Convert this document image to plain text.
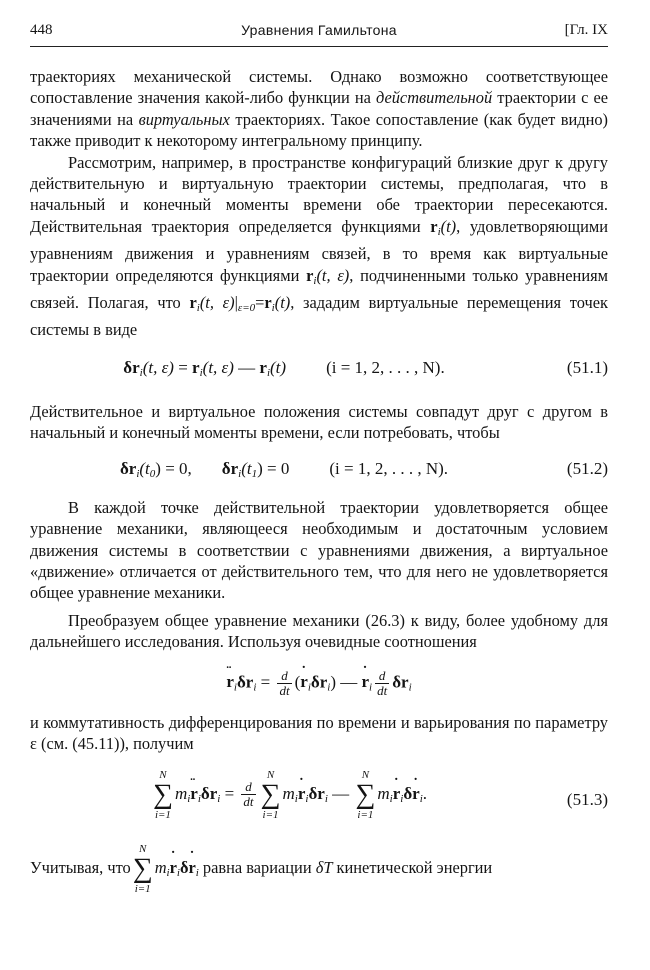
448	Уравнения Гамильтона	[Гл. IX

траекториях механической системы. Однако возможно соответствующее сопоставление значения какой-либо функции на действительной траектории с ее значениями на виртуальных траекториях. Такое сопоставление (как будет видно) также приводит к некоторому интегральному принципу.

Рассмотрим, например, в пространстве конфигураций близкие друг к другу действительную и виртуальную траектории системы, предполагая, что в начальный и конечный моменты времени обе траектории пересекаются. Действительная траектория определяется функциями $r_i(t)$, удовлетворяющими уравнениям движения и уравнениям связей, в то время как виртуальные траектории определяются функциями $r_i(t$, ε), подчиненными только уравнениям связей. Полагая, что $r_i(t$, $\varepsilon)|_{\varepsilon=0}=r_i(t)$, зададим виртуальные перемещения точек системы в виде

$\delta r_i(t$, $\varepsilon) = r_i(t$, ε) — $r_i(t) (i = 1$, 2, . . . , N).	(51.1)

Действительное и виртуальное положения системы совпадут друг с другом в начальный и конечный моменты времени, если потребовать, чтобы

$\delta r_i(t_0) = 0$, $\delta r_i(t_1) = 0$ (i = 1, 2, . . . , N).	(51.2)

В каждой точке действительной траектории удовлетворяется общее уравнение механики, являющееся необходимым и достаточным условием движения системы в соответствии с уравнениями движения, а виртуальное «движение» отличается от действительного тем, что для него не удовлетворяется общее уравнение механики.

Преобразуем общее уравнение механики (26.3) к виду, более удобному для дальнейшего исследования. Используя очевидные соотношения

¨ $r_i\delta r_i = \frac{d}{dt}$ (˙ $r_i\delta r_i$) — ˙ $r_i \frac{d}{dt} \delta r_i$

и коммутативность дифференцирования по времени и варьирования по параметру ε (см. (45.11)), получим

N
∑
i=1
$m_i¨$ $r_i\delta r_i = \frac{d}{dt}$
N
∑
i=1
$m_i˙$ $r_i\delta r_i$ —
N
∑
i=1
$m_i˙$ $r_i\delta˙$ $r_i$.	(51.3)

Учитывая, что
N
∑
i=1
$m_i˙$ $r_i\delta˙$ $r_i$ равна вариации δT кинетической энергии
